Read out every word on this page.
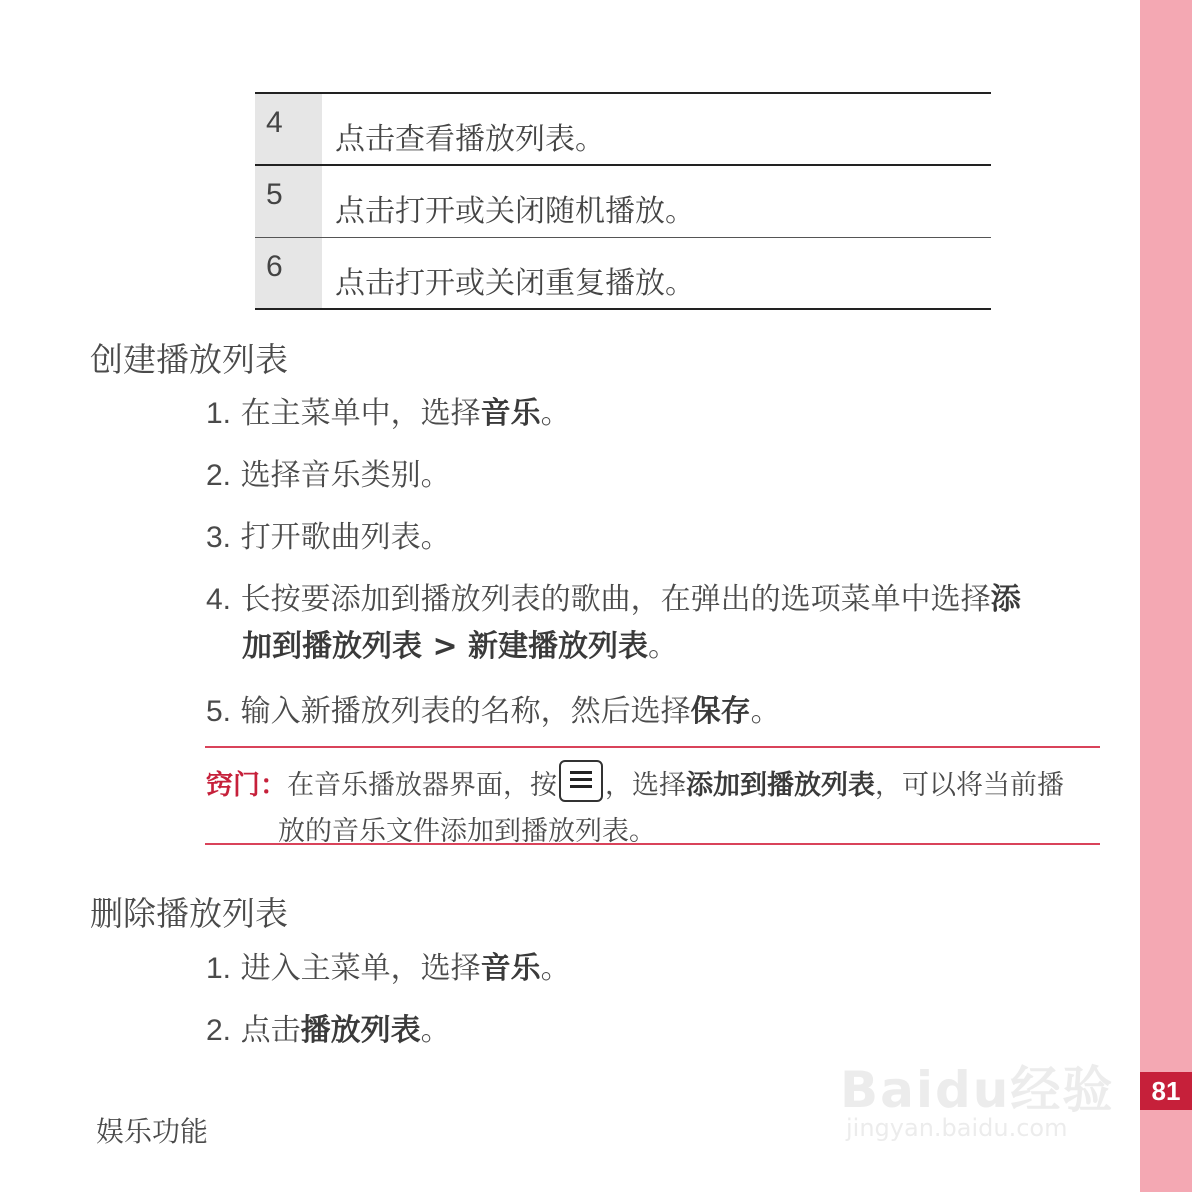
81
4	点击查看播放列表。
5	点击打开或关闭随机播放。
6	点击打开或关闭重复播放。
创建播放列表
1. 在主菜单中，选择音乐。
2. 选择音乐类别。
3. 打开歌曲列表。
4. 长按要添加到播放列表的歌曲，在弹出的选项菜单中选择添
加到播放列表 > 新建播放列表。
5. 输入新播放列表的名称，然后选择保存。
窍门：在音乐播放器界面，按 ，选择添加到播放列表，可以将当前播
放的音乐文件添加到播放列表。
删除播放列表
1. 进入主菜单，选择音乐。
2. 点击播放列表。
Baidu经验
jingyan.baidu.com
娱乐功能
